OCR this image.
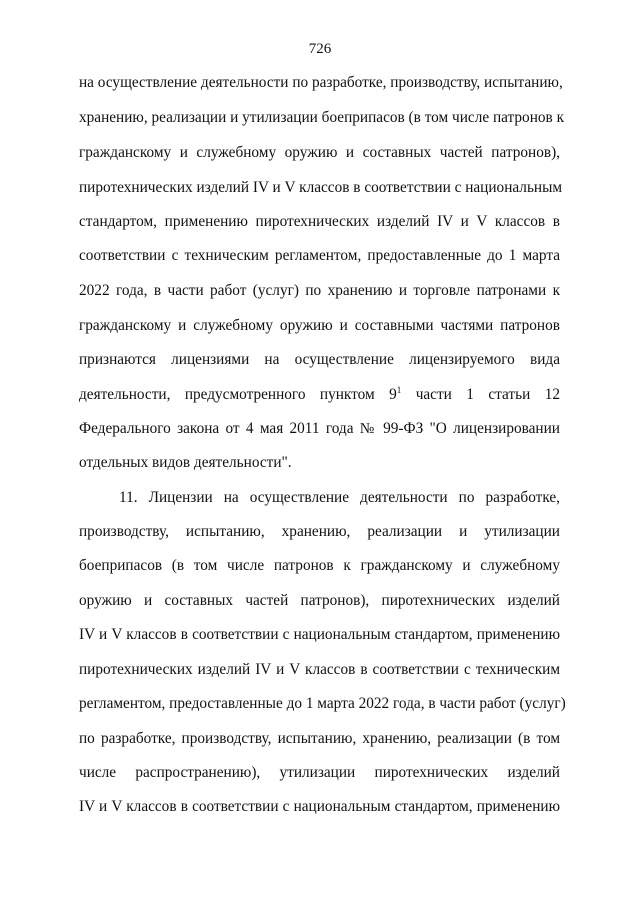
726
на осуществление деятельности по разработке, производству, испытанию,
хранению, реализации и утилизации боеприпасов (в том числе патронов к
гражданскому и служебному оружию и составных частей патронов),
пиротехнических изделий IV и V классов в соответствии с национальным
стандартом, применению пиротехнических изделий IV и V классов в
соответствии с техническим регламентом, предоставленные до 1 марта
2022 года, в части работ (услуг) по хранению и торговле патронами к
гражданскому и служебному оружию и составными частями патронов
признаются лицензиями на осуществление лицензируемого вида
деятельности, предусмотренного пунктом $9^1$ части 1 статьи 12
Федерального закона от 4 мая 2011 года № 99-ФЗ "О лицензировании
отдельных видов деятельности".
11. Лицензии на осуществление деятельности по разработке,
производству, испытанию, хранению, реализации и утилизации
боеприпасов (в том числе патронов к гражданскому и служебному
оружию и составных частей патронов), пиротехнических изделий
IV и V классов в соответствии с национальным стандартом, применению
пиротехнических изделий IV и V классов в соответствии с техническим
регламентом, предоставленные до 1 марта 2022 года, в части работ (услуг)
по разработке, производству, испытанию, хранению, реализации (в том
числе распространению), утилизации пиротехнических изделий
IV и V классов в соответствии с национальным стандартом, применению
